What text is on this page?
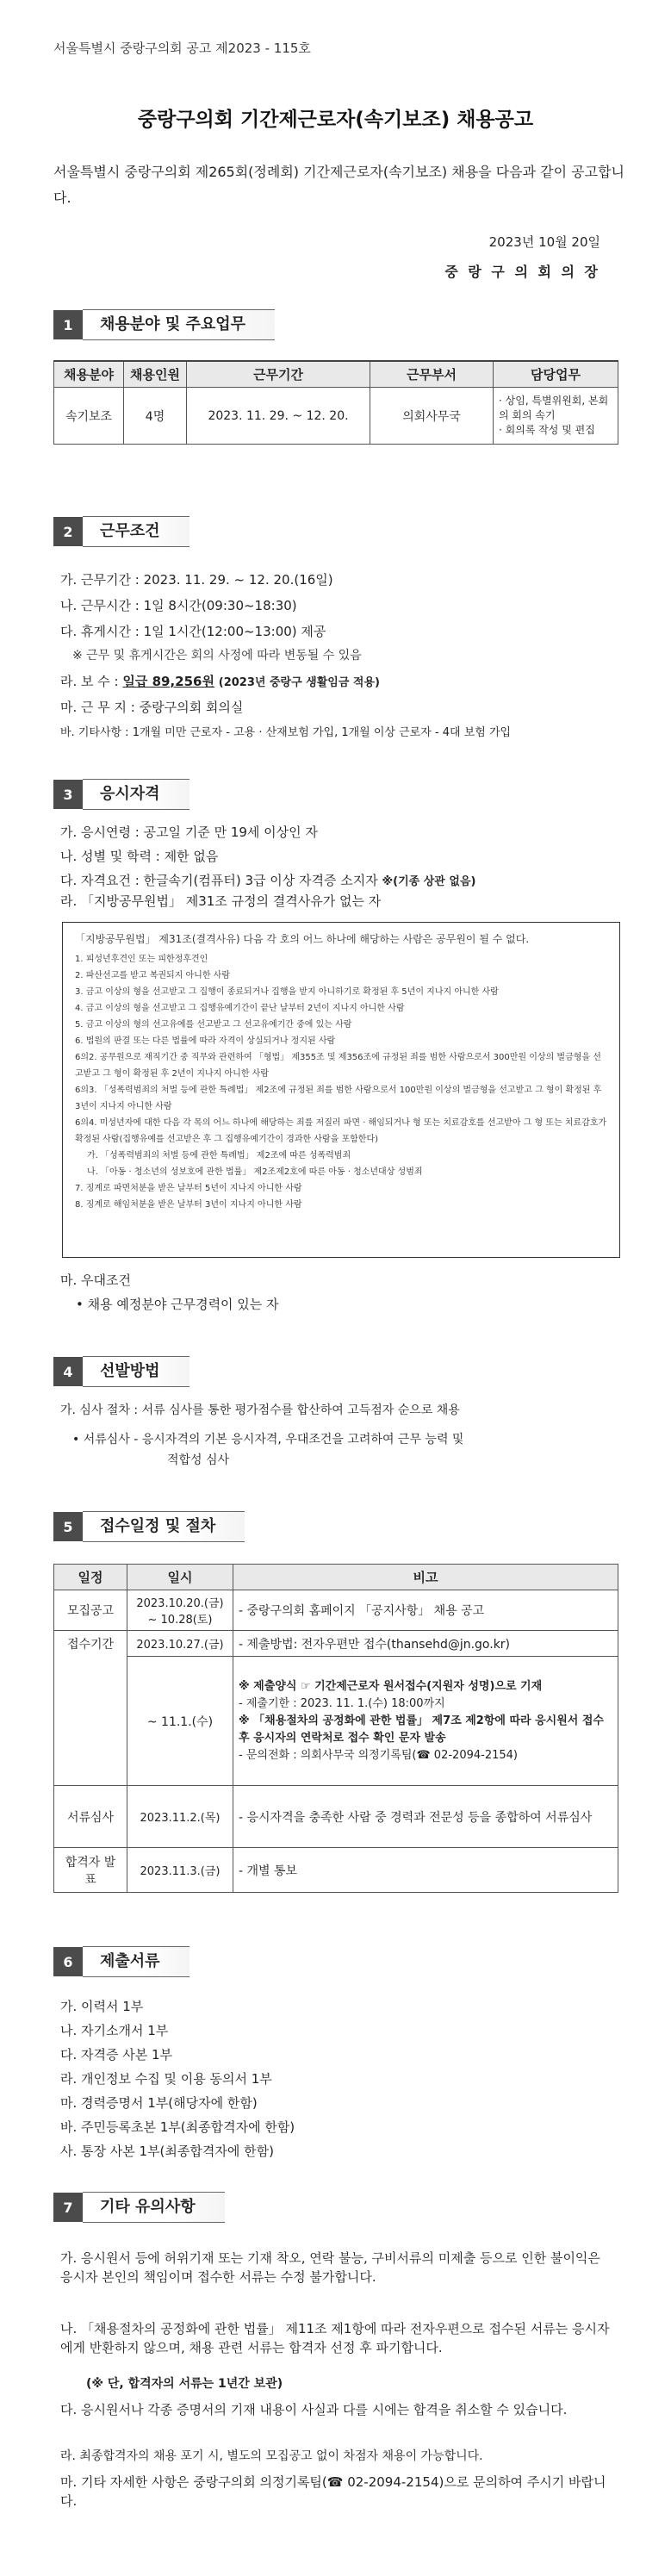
서울특별시 중랑구의회 공고 제2023 - 115호
중랑구의회 기간제근로자(속기보조) 채용공고
서울특별시 중랑구의회 제265회(정례회) 기간제근로자(속기보조) 채용을 다음과 같이 공고합니다.
2023년 10월 20일
중 랑 구 의 회 의 장
1	채용분야 및 주요업무
채용분야	채용인원	근무기간	근무부서	담당업무
속기보조	4명	2023. 11. 29. ~ 12. 20.	의회사무국	· 상임, 특별위원회, 본회의 회의 속기
· 회의록 작성 및 편집
2	근무조건
가. 근무기간 : 2023. 11. 29. ~ 12. 20.(16일)
나. 근무시간 : 1일 8시간(09:30~18:30)
다. 휴게시간 : 1일 1시간(12:00~13:00) 제공
※ 근무 및 휴게시간은 회의 사정에 따라 변동될 수 있음
라. 보 수 : 일급 89,256원 (2023년 중랑구 생활임금 적용)
마. 근 무 지 : 중랑구의회 회의실
바. 기타사항 : 1개월 미만 근로자 - 고용 · 산재보험 가입, 1개월 이상 근로자 - 4대 보험 가입
3	응시자격
가. 응시연령 : 공고일 기준 만 19세 이상인 자
나. 성별 및 학력 : 제한 없음
다. 자격요건 : 한글속기(컴퓨터) 3급 이상 자격증 소지자 ※(기종 상관 없음)
라. 「지방공무원법」 제31조 규정의 결격사유가 없는 자
「지방공무원법」 제31조(결격사유) 다음 각 호의 어느 하나에 해당하는 사람은 공무원이 될 수 없다.
1. 피성년후견인 또는 피한정후견인
2. 파산선고를 받고 복권되지 아니한 사람
3. 금고 이상의 형을 선고받고 그 집행이 종료되거나 집행을 받지 아니하기로 확정된 후 5년이 지나지 아니한 사람
4. 금고 이상의 형을 선고받고 그 집행유예기간이 끝난 날부터 2년이 지나지 아니한 사람
5. 금고 이상의 형의 선고유예를 선고받고 그 선고유예기간 중에 있는 사람
6. 법원의 판결 또는 다른 법률에 따라 자격이 상실되거나 정지된 사람
6의2. 공무원으로 재직기간 중 직무와 관련하여 「형법」 제355조 및 제356조에 규정된 죄를 범한 사람으로서 300만원 이상의 벌금형을 선고받고 그 형이 확정된 후 2년이 지나지 아니한 사람
6의3. 「성폭력범죄의 처벌 등에 관한 특례법」 제2조에 규정된 죄를 범한 사람으로서 100만원 이상의 벌금형을 선고받고 그 형이 확정된 후 3년이 지나지 아니한 사람
6의4. 미성년자에 대한 다음 각 목의 어느 하나에 해당하는 죄를 저질러 파면 · 해임되거나 형 또는 치료감호를 선고받아 그 형 또는 치료감호가 확정된 사람(집행유예를 선고받은 후 그 집행유예기간이 경과한 사람을 포함한다)
가. 「성폭력범죄의 처벌 등에 관한 특례법」 제2조에 따른 성폭력범죄
나. 「아동 · 청소년의 성보호에 관한 법률」 제2조제2호에 따른 아동 · 청소년대상 성범죄
7. 징계로 파면처분을 받은 날부터 5년이 지나지 아니한 사람
8. 징계로 해임처분을 받은 날부터 3년이 지나지 아니한 사람
마. 우대조건
• 채용 예정분야 근무경력이 있는 자
4	선발방법
가. 심사 절차 : 서류 심사를 통한 평가점수를 합산하여 고득점자 순으로 채용
• 서류심사 - 응시자격의 기본 응시자격, 우대조건을 고려하여 근무 능력 및
적합성 심사
5	접수일정 및 절차
일정	일시	비고
모집공고	2023.10.20.(금) ~ 10.28(토)	- 중랑구의회 홈페이지 「공지사항」 채용 공고
접수기간	2023.10.27.(금)	- 제출방법: 전자우편만 접수(thansehd@jn.go.kr)
	~ 11.1.(수)	※ 제출양식 ☞ 기간제근로자 원서접수(지원자 성명)으로 기재
- 제출기한 : 2023. 11. 1.(수) 18:00까지
※ 「채용절차의 공정화에 관한 법률」 제7조 제2항에 따라 응시원서 접수 후 응시자의 연락처로 접수 확인 문자 발송
- 문의전화 : 의회사무국 의정기록팀(☎ 02-2094-2154)

서류심사	2023.11.2.(목)	- 응시자격을 충족한 사람 중 경력과 전문성 등을 종합하여 서류심사
합격자 발표	2023.11.3.(금)	- 개별 통보
6	제출서류
가. 이력서 1부
나. 자기소개서 1부
다. 자격증 사본 1부
라. 개인정보 수집 및 이용 동의서 1부
마. 경력증명서 1부(해당자에 한함)
바. 주민등록초본 1부(최종합격자에 한함)
사. 통장 사본 1부(최종합격자에 한함)
7	기타 유의사항
가. 응시원서 등에 허위기재 또는 기재 착오, 연락 불능, 구비서류의 미제출 등으로 인한 불이익은 응시자 본인의 책임이며 접수한 서류는 수정 불가합니다.
나. 「채용절차의 공정화에 관한 법률」 제11조 제1항에 따라 전자우편으로 접수된 서류는 응시자에게 반환하지 않으며, 채용 관련 서류는 합격자 선정 후 파기합니다.
(※ 단, 합격자의 서류는 1년간 보관)
다. 응시원서나 각종 증명서의 기재 내용이 사실과 다를 시에는 합격을 취소할 수 있습니다.
라. 최종합격자의 채용 포기 시, 별도의 모집공고 없이 차점자 채용이 가능합니다.
마. 기타 자세한 사항은 중랑구의회 의정기록팀(☎ 02-2094-2154)으로 문의하여 주시기 바랍니다.
